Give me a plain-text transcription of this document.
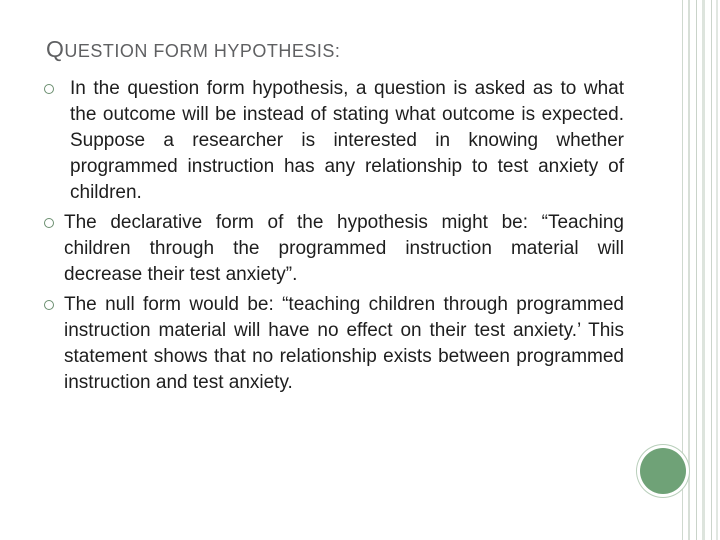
QUESTION FORM HYPOTHESIS:
In the question form hypothesis, a question is asked as to what the outcome will be instead of stating what outcome is expected. Suppose a researcher is interested in knowing whether programmed instruction has any relationship to test anxiety of children.
The declarative form of the hypothesis might be: “Teaching children through the programmed instruction material will decrease their test anxiety”.
The null form would be: “teaching children through programmed instruction material will have no effect on their test anxiety.’ This statement shows that no relationship exists between programmed instruction and test anxiety.
